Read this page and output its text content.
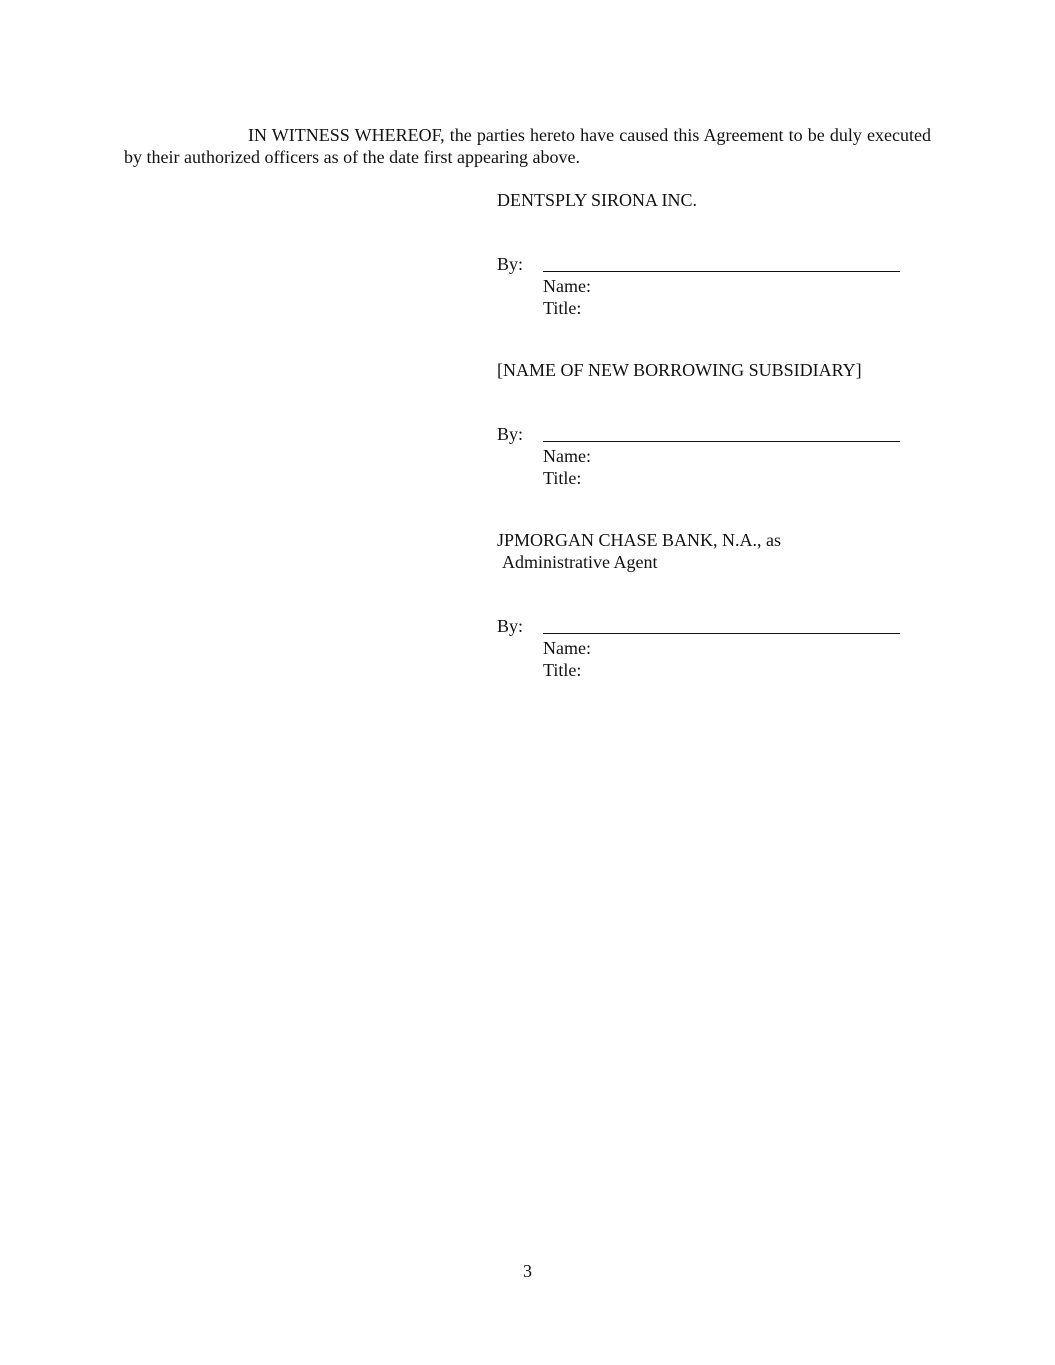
IN WITNESS WHEREOF, the parties hereto have caused this Agreement to be duly executed by their authorized officers as of the date first appearing above.

DENTSPLY SIRONA INC.

By:
Name:
Title:

[NAME OF NEW BORROWING SUBSIDIARY]

By:
Name:
Title:

JPMORGAN CHASE BANK, N.A., as
Administrative Agent

By:
Name:
Title:
3
